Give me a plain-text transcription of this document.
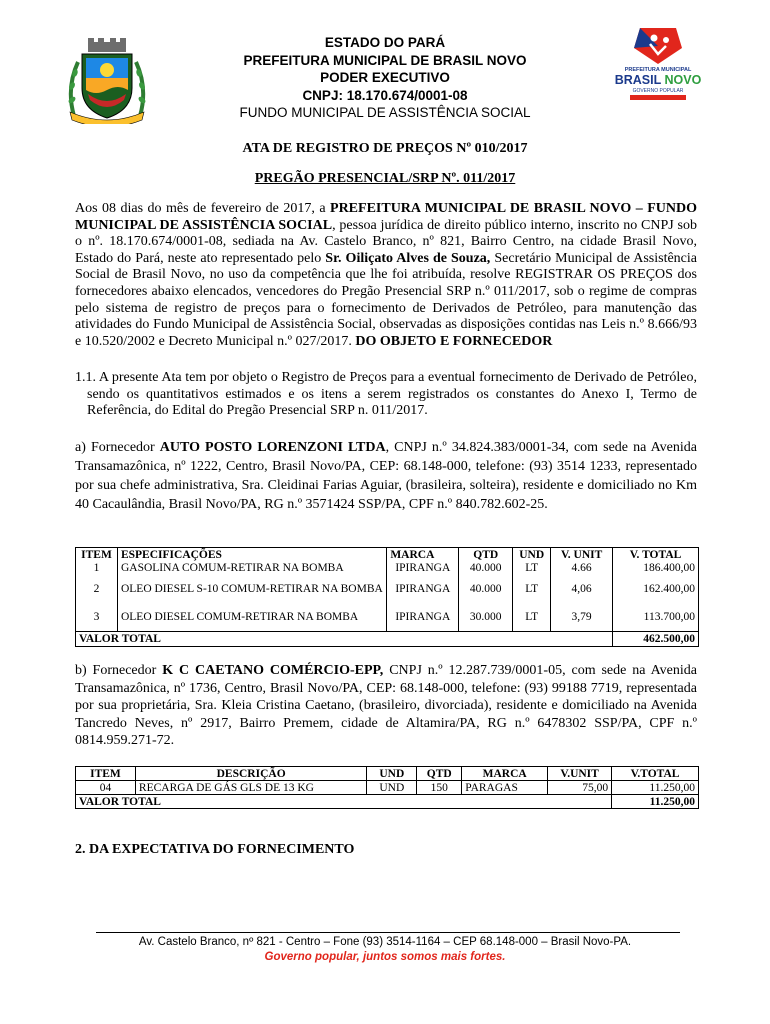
PREFEITURA MUNICIPAL
BRASIL NOVO
GOVERNO POPULAR
ESTADO DO PARÁ
PREFEITURA MUNICIPAL DE BRASIL NOVO
PODER EXECUTIVO
CNPJ: 18.170.674/0001-08
FUNDO MUNICIPAL DE ASSISTÊNCIA SOCIAL
ATA DE REGISTRO DE PREÇOS Nº 010/2017
PREGÃO PRESENCIAL/SRP Nº. 011/2017
Aos 08 dias do mês de fevereiro de 2017, a PREFEITURA MUNICIPAL DE BRASIL NOVO – FUNDO MUNICIPAL DE ASSISTÊNCIA SOCIAL, pessoa jurídica de direito público interno, inscrito no CNPJ sob o nº. 18.170.674/0001-08, sediada na Av. Castelo Branco, nº 821, Bairro Centro, na cidade Brasil Novo, Estado do Pará, neste ato representado pelo Sr. Oiliçato Alves de Souza, Secretário Municipal de Assistência Social de Brasil Novo, no uso da competência que lhe foi atribuída, resolve REGISTRAR OS PREÇOS dos fornecedores abaixo elencados, vencedores do Pregão Presencial SRP n.º 011/2017, sob o regime de compras pelo sistema de registro de preços para o fornecimento de Derivados de Petróleo, para manutenção das atividades do Fundo Municipal de Assistência Social, observadas as disposições contidas nas Leis n.º 8.666/93 e 10.520/2002 e Decreto Municipal n.º 027/2017. DO OBJETO E FORNECEDOR
1.1. A presente Ata tem por objeto o Registro de Preços para a eventual fornecimento de Derivado de Petróleo, sendo os quantitativos estimados e os itens a serem registrados os constantes do Anexo I, Termo de Referência, do Edital do Pregão Presencial SRP n. 011/2017.
a) Fornecedor AUTO POSTO LORENZONI LTDA, CNPJ n.º 34.824.383/0001-34, com sede na Avenida Transamazônica, nº 1222, Centro, Brasil Novo/PA, CEP: 68.148-000, telefone: (93) 3514 1233, representado por sua chefe administrativa, Sra. Cleidinai Farias Aguiar, (brasileira, solteira), residente e domiciliado no Km 40 Cacaulândia, Brasil Novo/PA, RG n.º 3571424 SSP/PA, CPF n.º 840.782.602-25.
ITEM	ESPECIFICAÇÕES	MARCA	QTD	UND	V. UNIT	V. TOTAL
1	GASOLINA COMUM-RETIRAR NA BOMBA	IPIRANGA	40.000	LT	4.66	186.400,00
2	OLEO DIESEL S-10 COMUM-RETIRAR NA BOMBA	IPIRANGA	40.000	LT	4,06	162.400,00
3	OLEO DIESEL COMUM-RETIRAR NA BOMBA	IPIRANGA	30.000	LT	3,79	113.700,00
VALOR TOTAL						462.500,00
b) Fornecedor K C CAETANO COMÉRCIO-EPP, CNPJ n.º 12.287.739/0001-05, com sede na Avenida Transamazônica, nº 1736, Centro, Brasil Novo/PA, CEP: 68.148-000, telefone: (93) 99188 7719, representada por sua proprietária, Sra. Kleia Cristina Caetano, (brasileiro, divorciada), residente e domiciliado na Avenida Tancredo Neves, nº 2917, Bairro Premem, cidade de Altamira/PA, RG n.º 6478302 SSP/PA, CPF n.º 0814.959.271-72.
ITEM	DESCRIÇÃO	UND	QTD	MARCA	V.UNIT	V.TOTAL
04	RECARGA DE GÁS GLS DE 13 KG	UND	150	PARAGAS	75,00	11.250,00
VALOR TOTAL						11.250,00
2. DA EXPECTATIVA DO FORNECIMENTO
Av. Castelo Branco, nº 821 - Centro – Fone (93) 3514-1164 – CEP 68.148-000 – Brasil Novo-PA.
Governo popular, juntos somos mais fortes.
